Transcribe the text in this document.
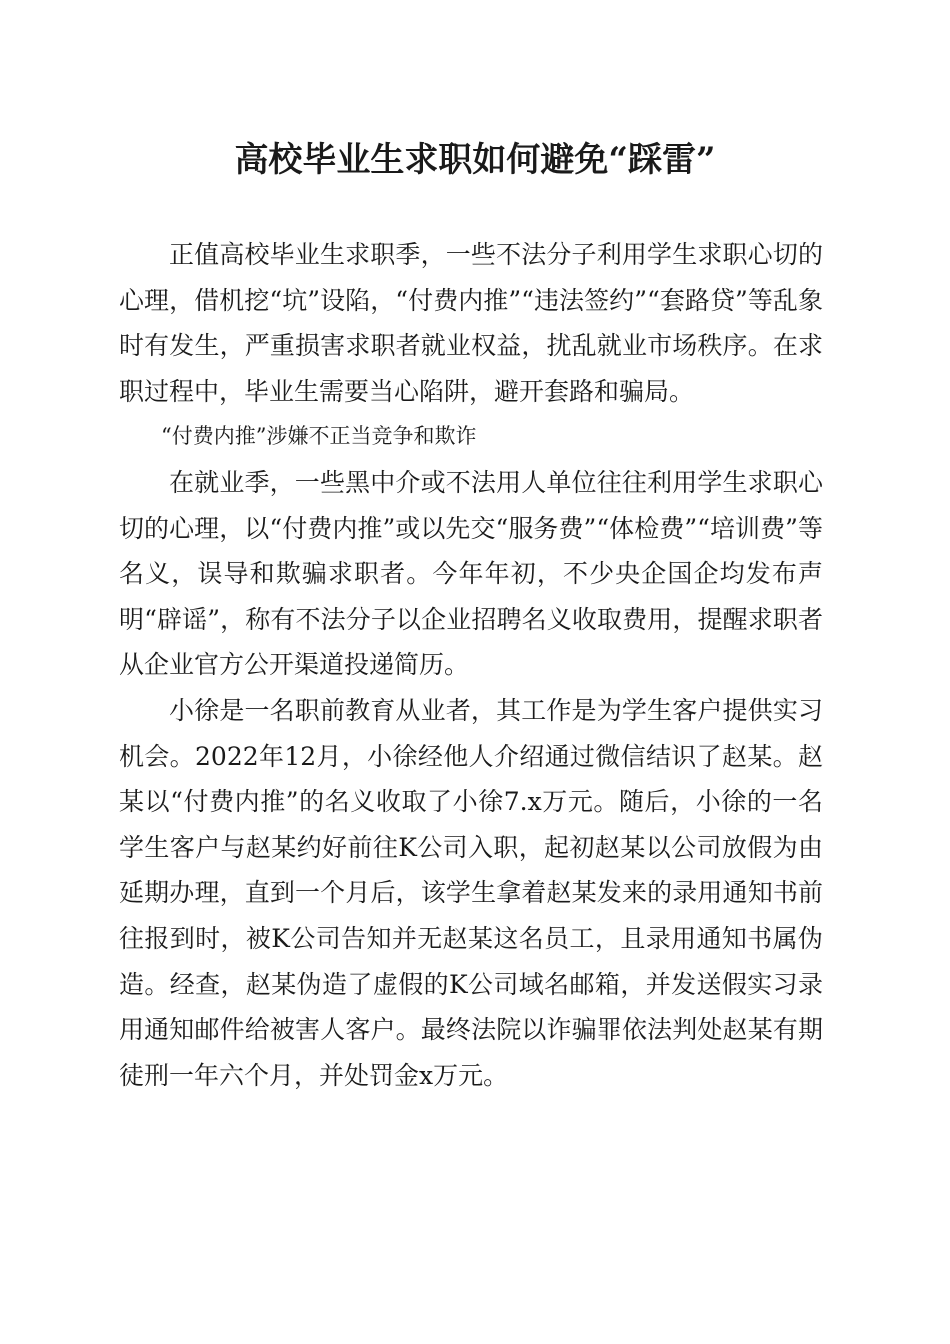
高校毕业生求职如何避免“踩雷”

正值高校毕业生求职季，一些不法分子利用学生求职心切的心理，借机挖“坑”设陷，“付费内推”“违法签约”“套路贷”等乱象时有发生，严重损害求职者就业权益，扰乱就业市场秩序。在求职过程中，毕业生需要当心陷阱，避开套路和骗局。

“付费内推”涉嫌不正当竞争和欺诈

在就业季，一些黑中介或不法用人单位往往利用学生求职心切的心理，以“付费内推”或以先交“服务费”“体检费”“培训费”等名义，误导和欺骗求职者。今年年初，不少央企国企均发布声明“辟谣”，称有不法分子以企业招聘名义收取费用，提醒求职者从企业官方公开渠道投递简历。

小徐是一名职前教育从业者，其工作是为学生客户提供实习机会。2022年12月，小徐经他人介绍通过微信结识了赵某。赵某以“付费内推”的名义收取了小徐7.x万元。随后，小徐的一名学生客户与赵某约好前往K公司入职，起初赵某以公司放假为由延期办理，直到一个月后，该学生拿着赵某发来的录用通知书前往报到时，被K公司告知并无赵某这名员工，且录用通知书属伪造。经查，赵某伪造了虚假的K公司域名邮箱，并发送假实习录用通知邮件给被害人客户。最终法院以诈骗罪依法判处赵某有期徒刑一年六个月，并处罚金x万元。
